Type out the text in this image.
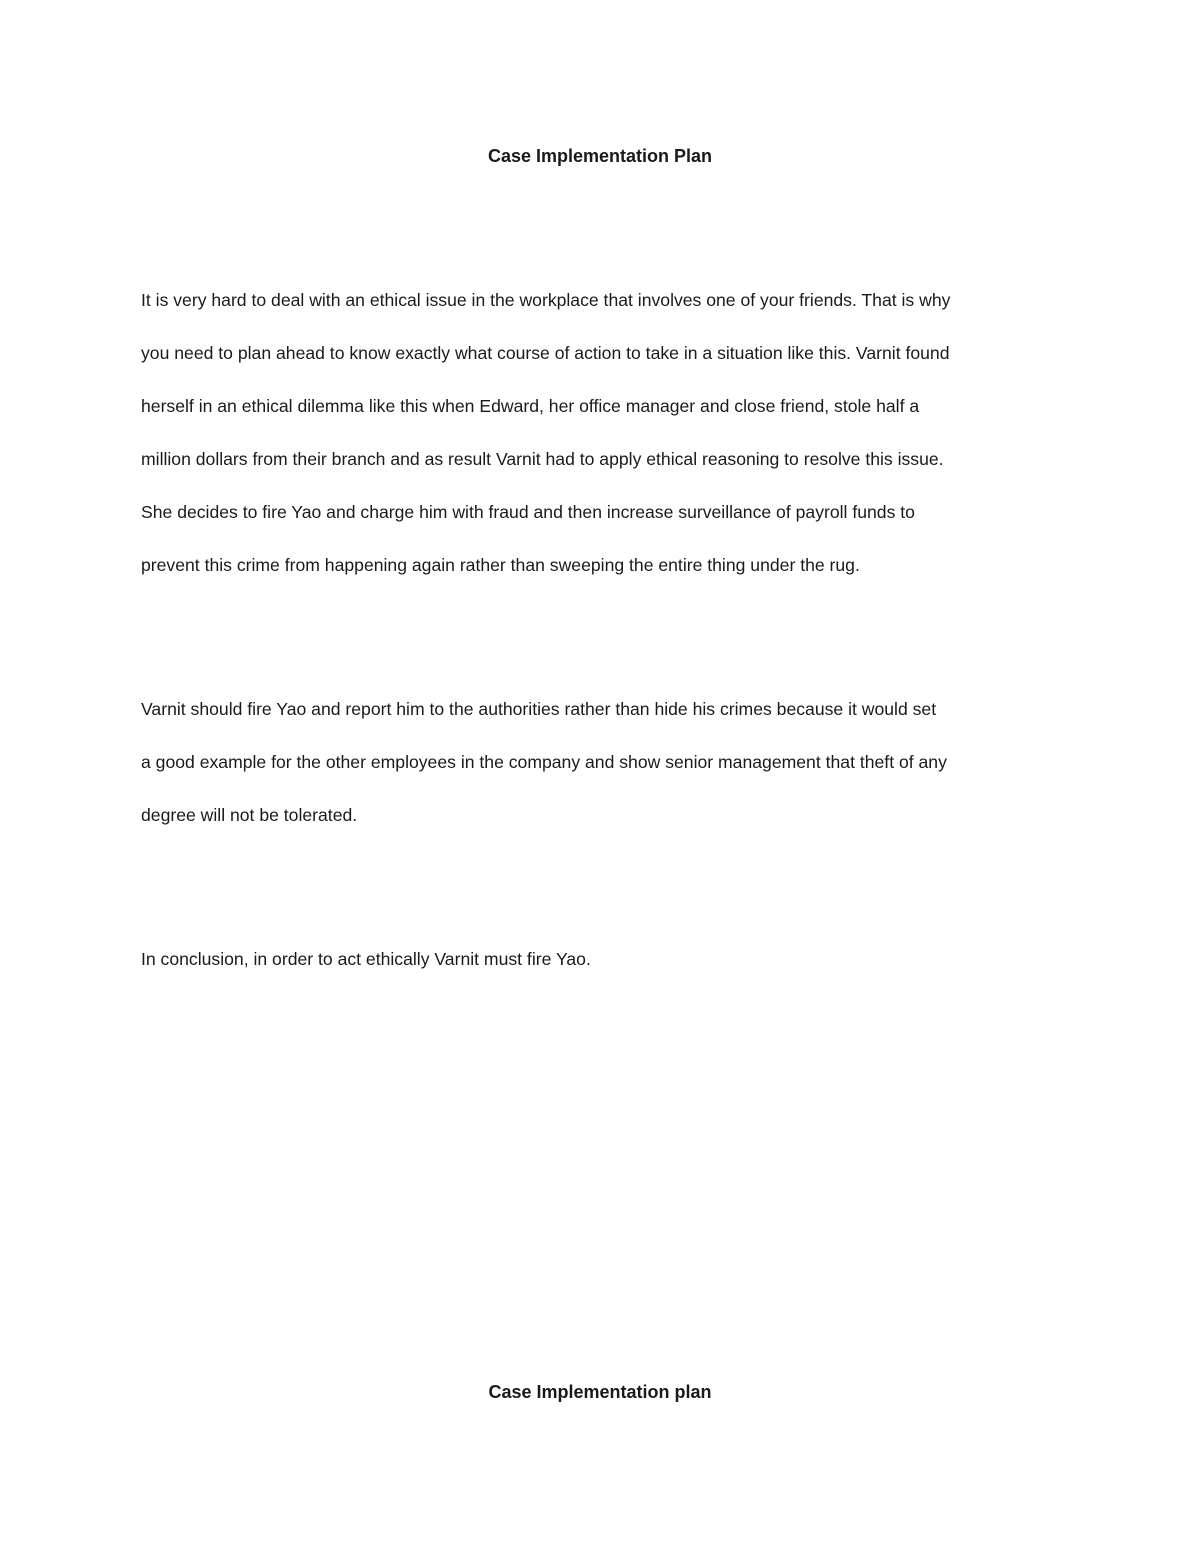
Case Implementation Plan

It is very hard to deal with an ethical issue in the workplace that involves one of your friends. That is why
you need to plan ahead to know exactly what course of action to take in a situation like this. Varnit found
herself in an ethical dilemma like this when Edward, her office manager and close friend, stole half a
million dollars from their branch and as result Varnit had to apply ethical reasoning to resolve this issue.
She decides to fire Yao and charge him with fraud and then increase surveillance of payroll funds to
prevent this crime from happening again rather than sweeping the entire thing under the rug.

Varnit should fire Yao and report him to the authorities rather than hide his crimes because it would set
a good example for the other employees in the company and show senior management that theft of any
degree will not be tolerated.

In conclusion, in order to act ethically Varnit must fire Yao.

Case Implementation plan
